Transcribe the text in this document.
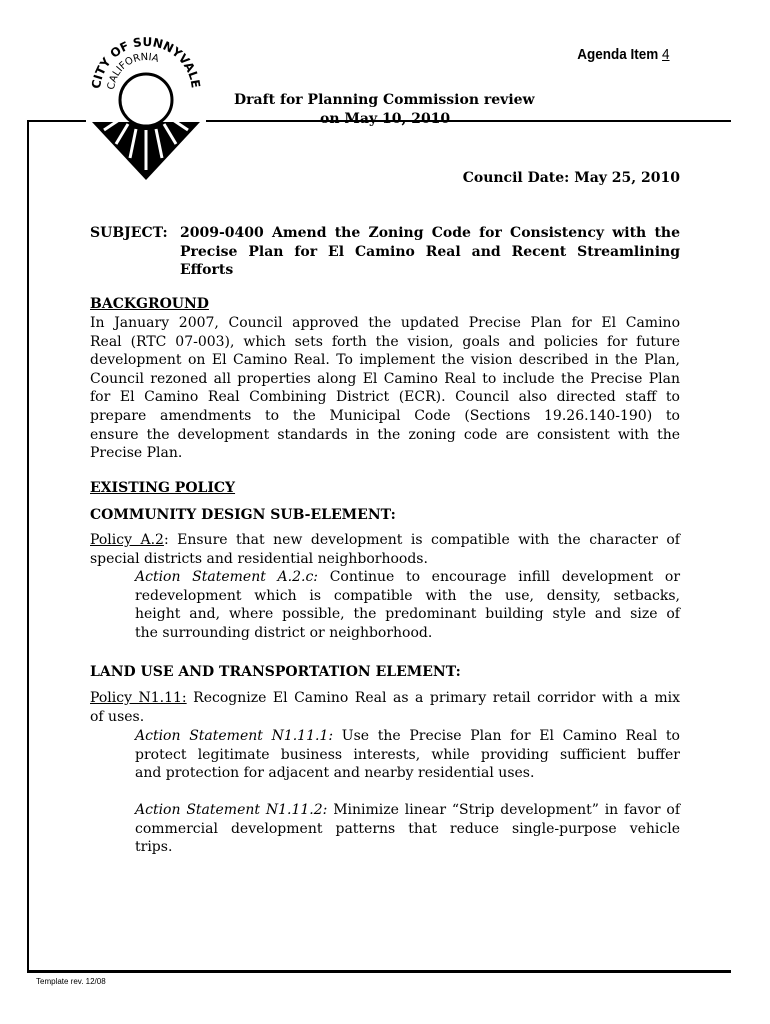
CITY OF SUNNYVALE
CALIFORNIA	Agenda Item 4
Draft for Planning Commission review
on May 10, 2010
Council Date: May 25, 2010
SUBJECT: 2009-0400 Amend the Zoning Code for Consistency with the
Precise Plan for El Camino Real and Recent Streamlining
Efforts
BACKGROUND
In January 2007, Council approved the updated Precise Plan for El Camino
Real (RTC 07-003), which sets forth the vision, goals and policies for future
development on El Camino Real. To implement the vision described in the Plan,
Council rezoned all properties along El Camino Real to include the Precise Plan
for El Camino Real Combining District (ECR). Council also directed staff to
prepare amendments to the Municipal Code (Sections 19.26.140-190) to
ensure the development standards in the zoning code are consistent with the
Precise Plan.
EXISTING POLICY
COMMUNITY DESIGN SUB-ELEMENT:
Policy A.2: Ensure that new development is compatible with the character of
special districts and residential neighborhoods.
Action Statement A.2.c: Continue to encourage infill development or
redevelopment which is compatible with the use, density, setbacks,
height and, where possible, the predominant building style and size of
the surrounding district or neighborhood.
LAND USE AND TRANSPORTATION ELEMENT:
Policy N1.11: Recognize El Camino Real as a primary retail corridor with a mix
of uses.
Action Statement N1.11.1: Use the Precise Plan for El Camino Real to
protect legitimate business interests, while providing sufficient buffer
and protection for adjacent and nearby residential uses.
Action Statement N1.11.2: Minimize linear “Strip development” in favor of
commercial development patterns that reduce single-purpose vehicle
trips.
Template rev. 12/08
